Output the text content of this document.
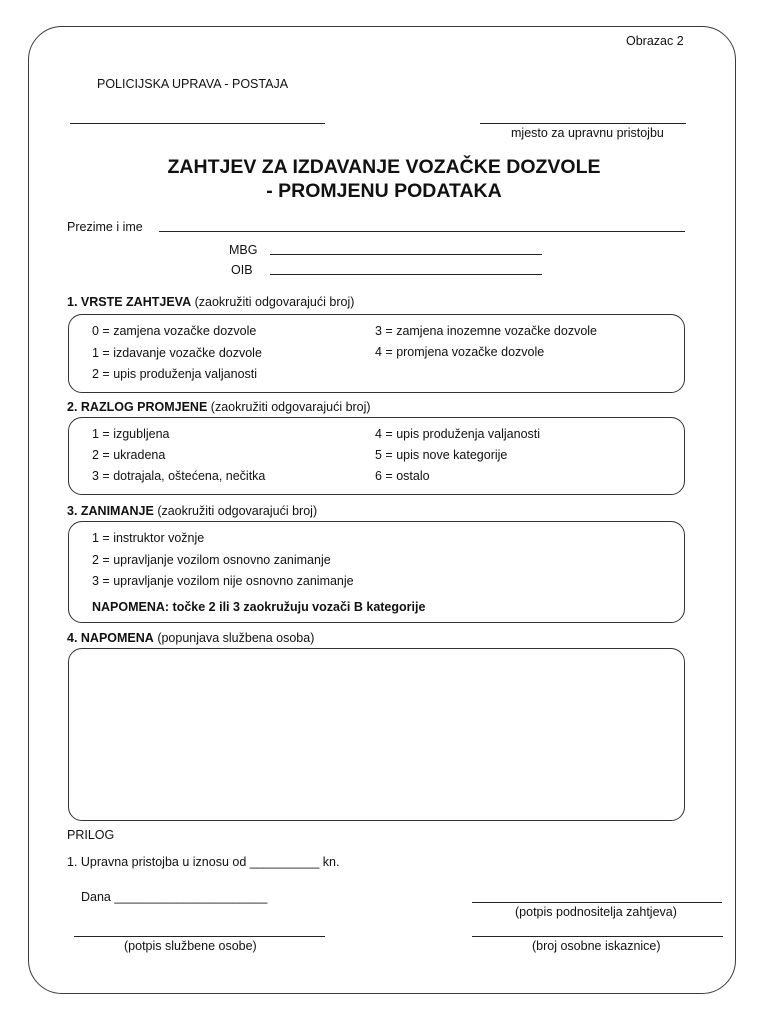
Obrazac 2
POLICIJSKA UPRAVA - POSTAJA
mjesto za upravnu pristojbu
ZAHTJEV ZA IZDAVANJE VOZAČKE DOZVOLE
- PROMJENU PODATAKA
Prezime i ime
MBG
OIB
1. VRSTE ZAHTJEVA (zaokružiti odgovarajući broj)
0 = zamjena vozačke dozvole
1 = izdavanje vozačke dozvole
2 = upis produženja valjanosti
3 = zamjena inozemne vozačke dozvole
4 = promjena vozačke dozvole
2. RAZLOG PROMJENE (zaokružiti odgovarajući broj)
1 = izgubljena
2 = ukradena
3 = dotrajala, oštećena, nečitka
4 = upis produženja valjanosti
5 = upis nove kategorije
6 = ostalo
3. ZANIMANJE (zaokružiti odgovarajući broj)
1 = instruktor vožnje
2 = upravljanje vozilom osnovno zanimanje
3 = upravljanje vozilom nije osnovno zanimanje
NAPOMENA: točke 2 ili 3 zaokružuju vozači B kategorije
4. NAPOMENA (popunjava službena osoba)
PRILOG
1. Upravna pristojba u iznosu od __________ kn.
Dana ______________________
(potpis podnositelja zahtjeva)
(potpis službene osobe)	(broj osobne iskaznice)
